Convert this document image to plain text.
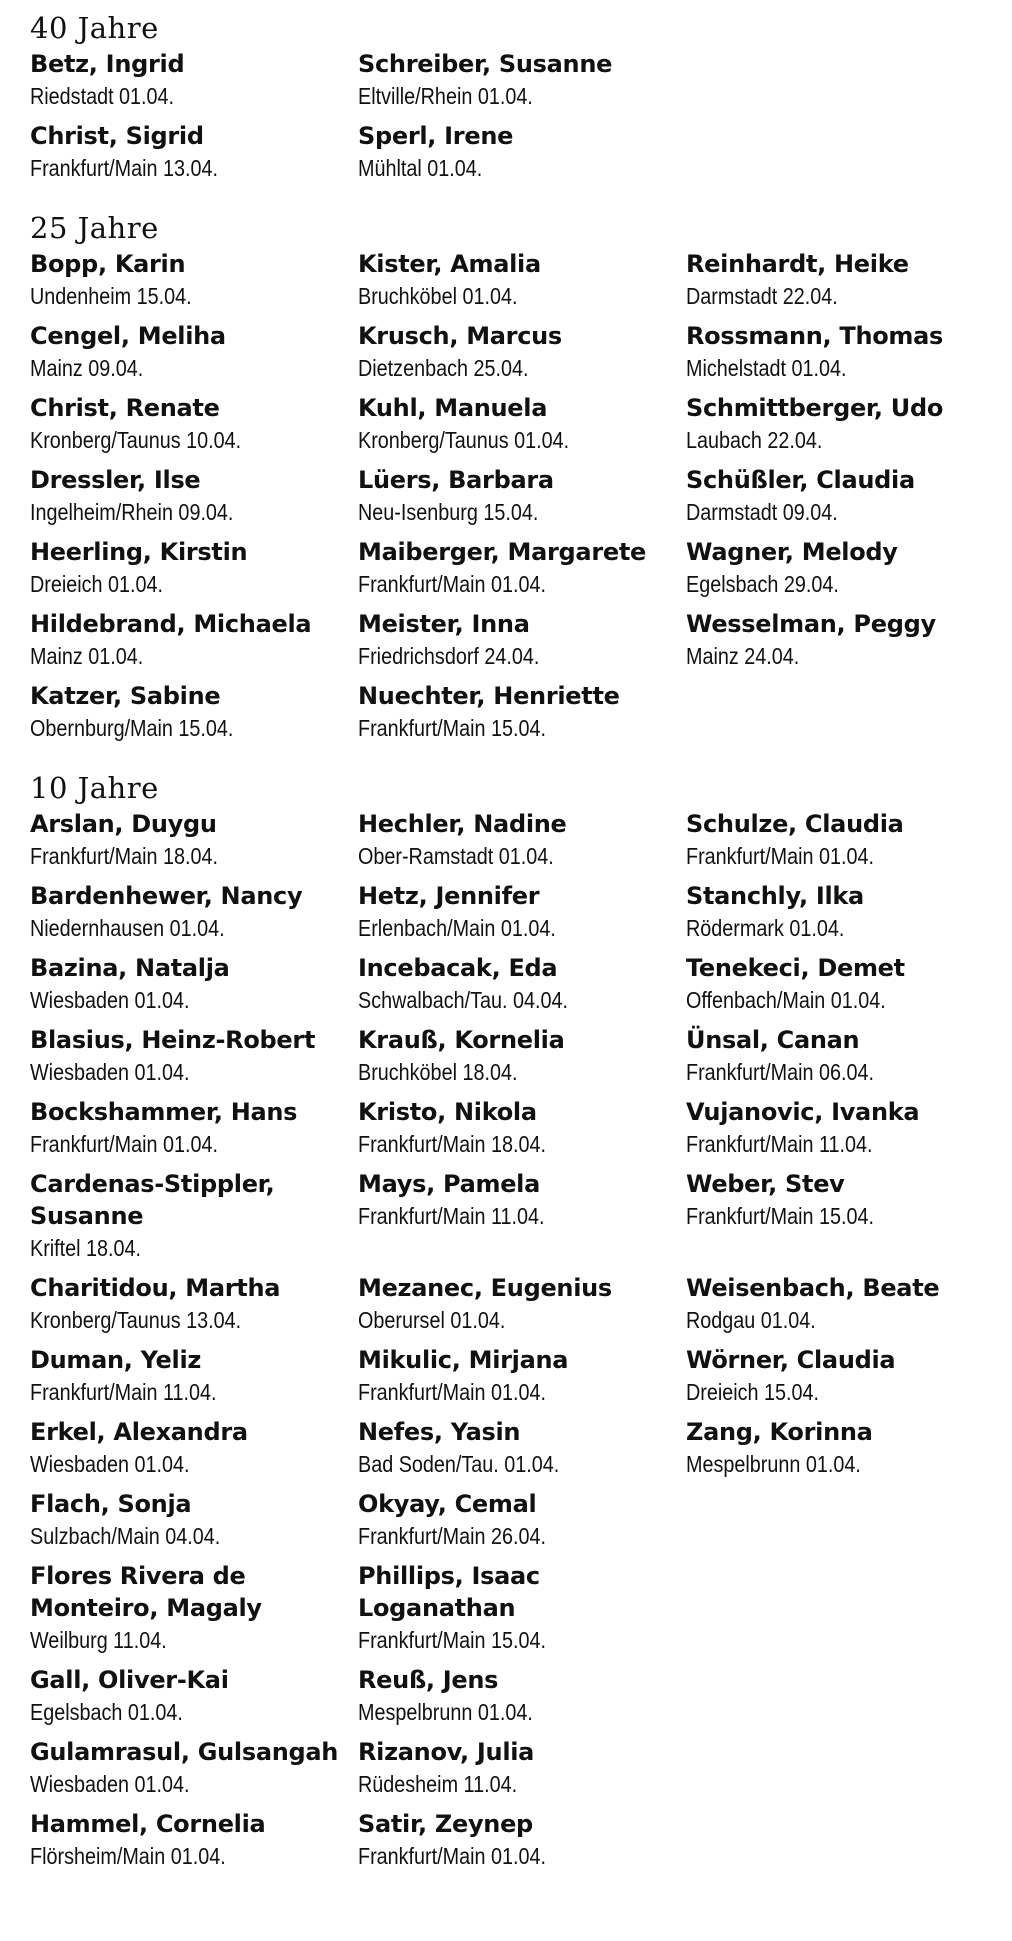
40 Jahre
Betz, Ingrid
Riedstadt 01.04.
Christ, Sigrid
Frankfurt/Main 13.04.
Schreiber, Susanne
Eltville/Rhein 01.04.
Sperl, Irene
Mühltal 01.04.
25 Jahre
Bopp, Karin
Undenheim 15.04.
Cengel, Meliha
Mainz 09.04.
Christ, Renate
Kronberg/Taunus 10.04.
Dressler, Ilse
Ingelheim/Rhein 09.04.
Heerling, Kirstin
Dreieich 01.04.
Hildebrand, Michaela
Mainz 01.04.
Katzer, Sabine
Obernburg/Main 15.04.
Kister, Amalia
Bruchköbel 01.04.
Krusch, Marcus
Dietzenbach 25.04.
Kuhl, Manuela
Kronberg/Taunus 01.04.
Lüers, Barbara
Neu-Isenburg 15.04.
Maiberger, Margarete
Frankfurt/Main 01.04.
Meister, Inna
Friedrichsdorf 24.04.
Nuechter, Henriette
Frankfurt/Main 15.04.
Reinhardt, Heike
Darmstadt 22.04.
Rossmann, Thomas
Michelstadt 01.04.
Schmittberger, Udo
Laubach 22.04.
Schüßler, Claudia
Darmstadt 09.04.
Wagner, Melody
Egelsbach 29.04.
Wesselman, Peggy
Mainz 24.04.
10 Jahre
Arslan, Duygu
Frankfurt/Main 18.04.
Bardenhewer, Nancy
Niedernhausen 01.04.
Bazina, Natalja
Wiesbaden 01.04.
Blasius, Heinz-Robert
Wiesbaden 01.04.
Bockshammer, Hans
Frankfurt/Main 01.04.
Cardenas-Stippler, Susanne
Kriftel 18.04.
Charitidou, Martha
Kronberg/Taunus 13.04.
Duman, Yeliz
Frankfurt/Main 11.04.
Erkel, Alexandra
Wiesbaden 01.04.
Flach, Sonja
Sulzbach/Main 04.04.
Flores Rivera de Monteiro, Magaly
Weilburg 11.04.
Gall, Oliver-Kai
Egelsbach 01.04.
Gulamrasul, Gulsangah
Wiesbaden 01.04.
Hammel, Cornelia
Flörsheim/Main 01.04.
Hechler, Nadine
Ober-Ramstadt 01.04.
Hetz, Jennifer
Erlenbach/Main 01.04.
Incebacak, Eda
Schwalbach/Tau. 04.04.
Krauß, Kornelia
Bruchköbel 18.04.
Kristo, Nikola
Frankfurt/Main 18.04.
Mays, Pamela
Frankfurt/Main 11.04.
Mezanec, Eugenius
Oberursel 01.04.
Mikulic, Mirjana
Frankfurt/Main 01.04.
Nefes, Yasin
Bad Soden/Tau. 01.04.
Okyay, Cemal
Frankfurt/Main 26.04.
Phillips, Isaac Loganathan
Frankfurt/Main 15.04.
Reuß, Jens
Mespelbrunn 01.04.
Rizanov, Julia
Rüdesheim 11.04.
Satir, Zeynep
Frankfurt/Main 01.04.
Schulze, Claudia
Frankfurt/Main 01.04.
Stanchly, Ilka
Rödermark 01.04.
Tenekeci, Demet
Offenbach/Main 01.04.
Ünsal, Canan
Frankfurt/Main 06.04.
Vujanovic, Ivanka
Frankfurt/Main 11.04.
Weber, Stev
Frankfurt/Main 15.04.
Weisenbach, Beate
Rodgau 01.04.
Wörner, Claudia
Dreieich 15.04.
Zang, Korinna
Mespelbrunn 01.04.
